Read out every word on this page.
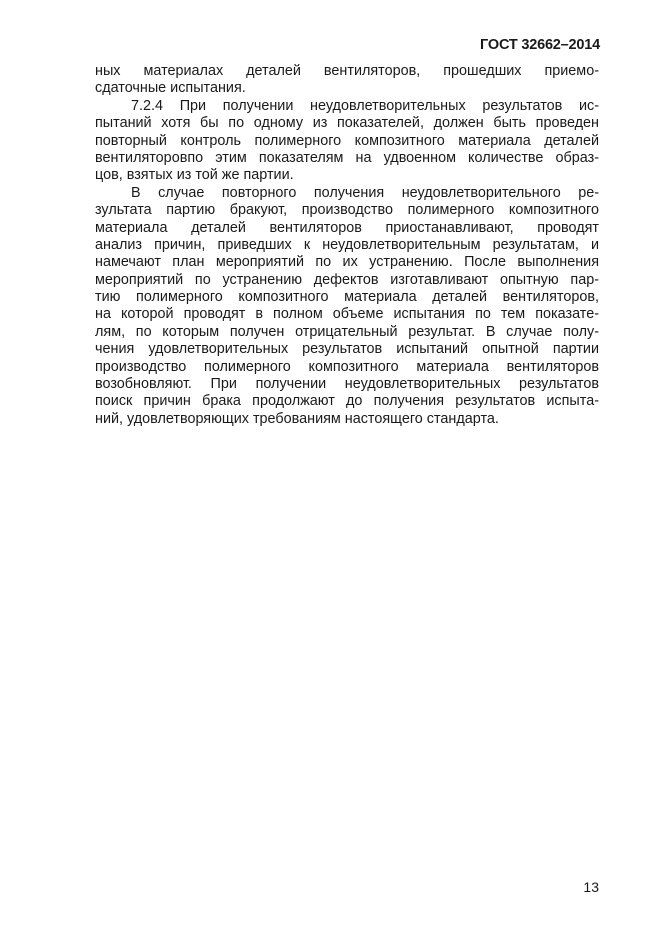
ГОСТ 32662–2014
ных материалах деталей вентиляторов, прошедших приемо-
сдаточные испытания.
7.2.4 При получении неудовлетворительных результатов ис-
пытаний хотя бы по одному из показателей, должен быть проведен
повторный контроль полимерного композитного материала деталей
вентиляторовпо этим показателям на удвоенном количестве образ-
цов, взятых из той же партии.
В случае повторного получения неудовлетворительного ре-
зультата партию бракуют, производство полимерного композитного
материала деталей вентиляторов приостанавливают, проводят
анализ причин, приведших к неудовлетворительным результатам, и
намечают план мероприятий по их устранению. После выполнения
мероприятий по устранению дефектов изготавливают опытную пар-
тию полимерного композитного материала деталей вентиляторов,
на которой проводят в полном объеме испытания по тем показате-
лям, по которым получен отрицательный результат. В случае полу-
чения удовлетворительных результатов испытаний опытной партии
производство полимерного композитного материала вентиляторов
возобновляют. При получении неудовлетворительных результатов
поиск причин брака продолжают до получения результатов испыта-
ний, удовлетворяющих требованиям настоящего стандарта.
13
